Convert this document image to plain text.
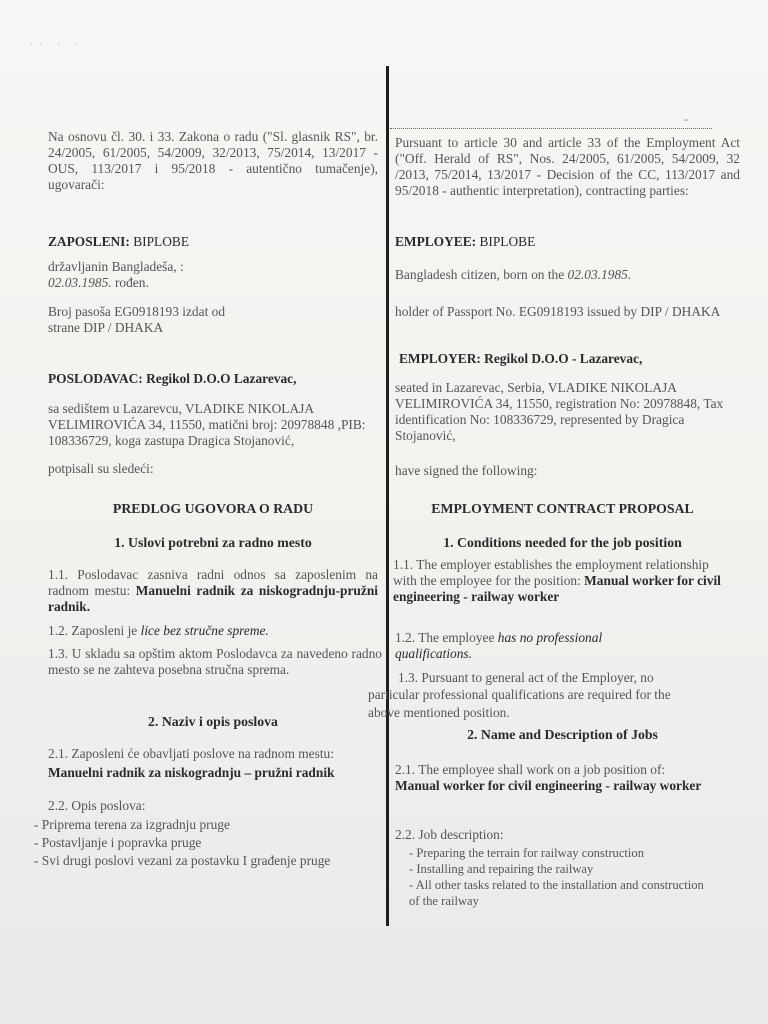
·· · ·
-
Na osnovu čl. 30. i 33. Zakona o radu ("Sl. glasnik RS", br. 24/2005, 61/2005, 54/2009, 32/2013, 75/2014, 13/2017 - OUS, 113/2017 i 95/2018 - autentično tumačenje), ugovarači:
ZAPOSLENI: BIPLOBE
državljanin Bangladeša, : 02.03.1985. rođen.
Broj pasoša EG0918193 izdat od strane DIP / DHAKA
POSLODAVAC: Regikol D.O.O Lazarevac,
sa sedištem u Lazarevcu, VLADIKE NIKOLAJA VELIMIROVIĆA 34, 11550, matični broj: 20978848 ,PIB: 108336729, koga zastupa Dragica Stojanović,
potpisali su sledeći:
PREDLOG UGOVORA O RADU
1. Uslovi potrebni za radno mesto
1.1. Poslodavac zasniva radni odnos sa zaposlenim na radnom mestu: Manuelni radnik za niskogradnju-pružni radnik.
1.2. Zaposleni je lice bez stručne spreme.
1.3. U skladu sa opštim aktom Poslodavca za navedeno radno mesto se ne zahteva posebna stručna sprema.
2. Naziv i opis poslova
2.1. Zaposleni će obavljati poslove na radnom mestu:
Manuelni radnik za niskogradnju – pružni radnik
2.2. Opis poslova:
- Priprema terena za izgradnju pruge
- Postavljanje i popravka pruge
- Svi drugi poslovi vezani za postavku I građenje pruge
Pursuant to article 30 and article 33 of the Employment Act ("Off. Herald of RS", Nos. 24/2005, 61/2005, 54/2009, 32 /2013, 75/2014, 13/2017 - Decision of the CC, 113/2017 and 95/2018 - authentic interpretation), contracting parties:
EMPLOYEE: BIPLOBE
Bangladesh citizen, born on the 02.03.1985.
holder of Passport No. EG0918193 issued by DIP / DHAKA
EMPLOYER: Regikol D.O.O - Lazarevac,
seated in Lazarevac, Serbia, VLADIKE NIKOLAJA VELIMIROVIĆA 34, 11550, registration No: 20978848, Tax identification No: 108336729, represented by Dragica Stojanović,
have signed the following:
EMPLOYMENT CONTRACT PROPOSAL
1. Conditions needed for the job position
1.1. The employer establishes the employment relationship with the employee for the position: Manual worker for civil engineering - railway worker
1.2. The employee has no professional qualifications.
1.3. Pursuant to general act of the Employer, no
particular professional qualifications are required for the
above mentioned position.
2. Name and Description of Jobs
2.1. The employee shall work on a job position of:
Manual worker for civil engineering - railway worker
2.2. Job description:
- Preparing the terrain for railway construction
- Installing and repairing the railway
- All other tasks related to the installation and construction of the railway
